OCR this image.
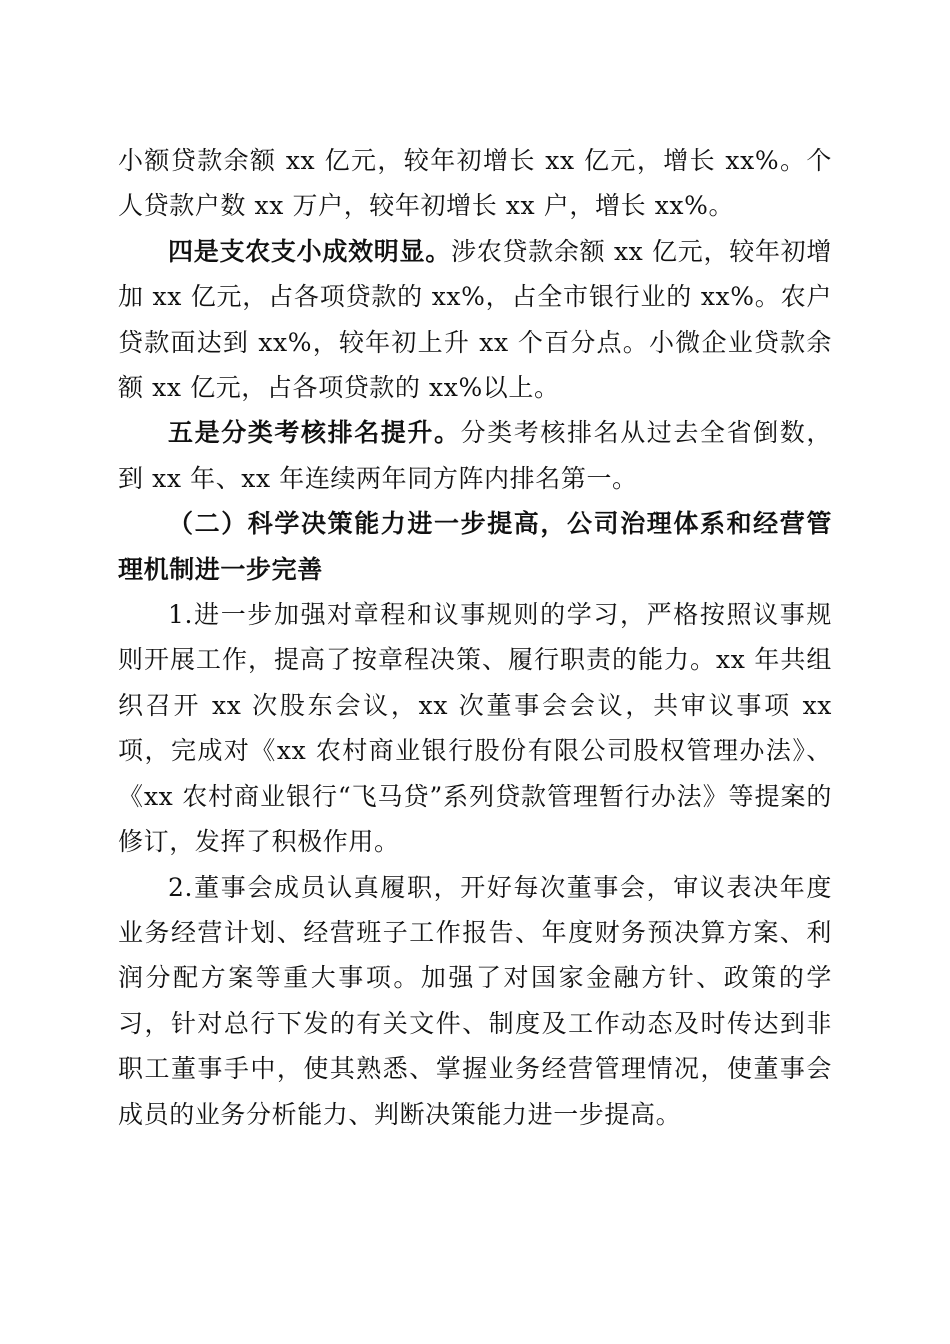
小额贷款余额 xx 亿元，较年初增长 xx 亿元，增长 xx%。个人贷款户数 xx 万户，较年初增长 xx 户，增长 xx%。

四是支农支小成效明显。涉农贷款余额 xx 亿元，较年初增加 xx 亿元，占各项贷款的 xx%，占全市银行业的 xx%。农户贷款面达到 xx%，较年初上升 xx 个百分点。小微企业贷款余额 xx 亿元，占各项贷款的 xx%以上。

五是分类考核排名提升。分类考核排名从过去全省倒数，到 xx 年、xx 年连续两年同方阵内排名第一。

（二）科学决策能力进一步提高，公司治理体系和经营管理机制进一步完善

1.进一步加强对章程和议事规则的学习，严格按照议事规则开展工作，提高了按章程决策、履行职责的能力。xx 年共组织召开 xx 次股东会议，xx 次董事会会议，共审议事项 xx 项，完成对《xx 农村商业银行股份有限公司股权管理办法》、《xx 农村商业银行“飞马贷”系列贷款管理暂行办法》等提案的修订，发挥了积极作用。

2.董事会成员认真履职，开好每次董事会，审议表决年度业务经营计划、经营班子工作报告、年度财务预决算方案、利润分配方案等重大事项。加强了对国家金融方针、政策的学习，针对总行下发的有关文件、制度及工作动态及时传达到非职工董事手中，使其熟悉、掌握业务经营管理情况，使董事会成员的业务分析能力、判断决策能力进一步提高。
